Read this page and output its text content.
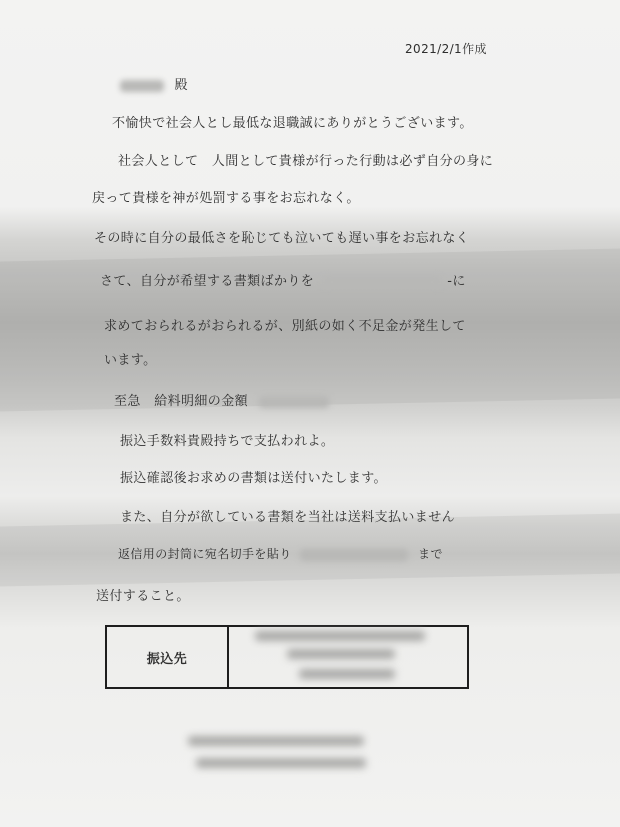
2021/2/1作成
殿
不愉快で社会人とし最低な退職誠にありがとうございます。
社会人として　人間として貴様が行った行動は必ず自分の身に
戻って貴様を神が処罰する事をお忘れなく。
その時に自分の最低さを恥じても泣いても遅い事をお忘れなく
さて、自分が希望する書類ばかりを	-に
求めておられるがおられるが、別紙の如く不足金が発生して
います。
至急　給料明細の金額
振込手数料貴殿持ちで支払われよ。
振込確認後お求めの書類は送付いたします。
また、自分が欲している書類を当社は送料支払いません
返信用の封筒に宛名切手を貼り	まで
送付すること。
振込先
